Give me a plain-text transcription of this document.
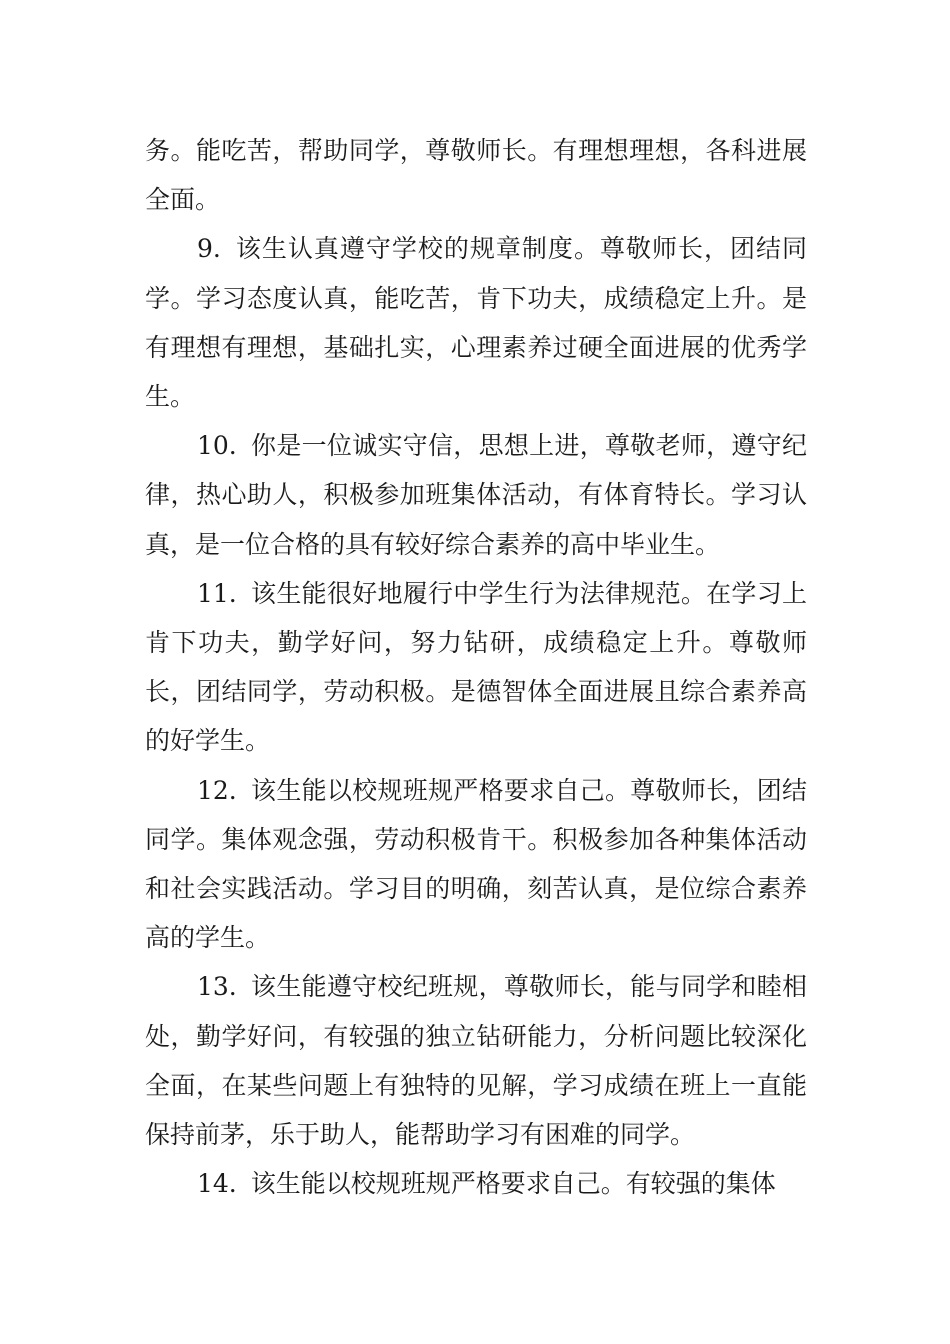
务。能吃苦，帮助同学，尊敬师长。有理想理想，各科进展全面。

9. 该生认真遵守学校的规章制度。尊敬师长，团结同学。学习态度认真，能吃苦，肯下功夫，成绩稳定上升。是有理想有理想，基础扎实，心理素养过硬全面进展的优秀学生。

10. 你是一位诚实守信，思想上进，尊敬老师，遵守纪律，热心助人，积极参加班集体活动，有体育特长。学习认真，是一位合格的具有较好综合素养的高中毕业生。

11. 该生能很好地履行中学生行为法律规范。在学习上肯下功夫，勤学好问，努力钻研，成绩稳定上升。尊敬师长，团结同学，劳动积极。是德智体全面进展且综合素养高的好学生。

12. 该生能以校规班规严格要求自己。尊敬师长，团结同学。集体观念强，劳动积极肯干。积极参加各种集体活动和社会实践活动。学习目的明确，刻苦认真，是位综合素养高的学生。

13. 该生能遵守校纪班规，尊敬师长，能与同学和睦相处，勤学好问，有较强的独立钻研能力，分析问题比较深化全面，在某些问题上有独特的见解，学习成绩在班上一直能保持前茅，乐于助人，能帮助学习有困难的同学。

14. 该生能以校规班规严格要求自己。有较强的集体
